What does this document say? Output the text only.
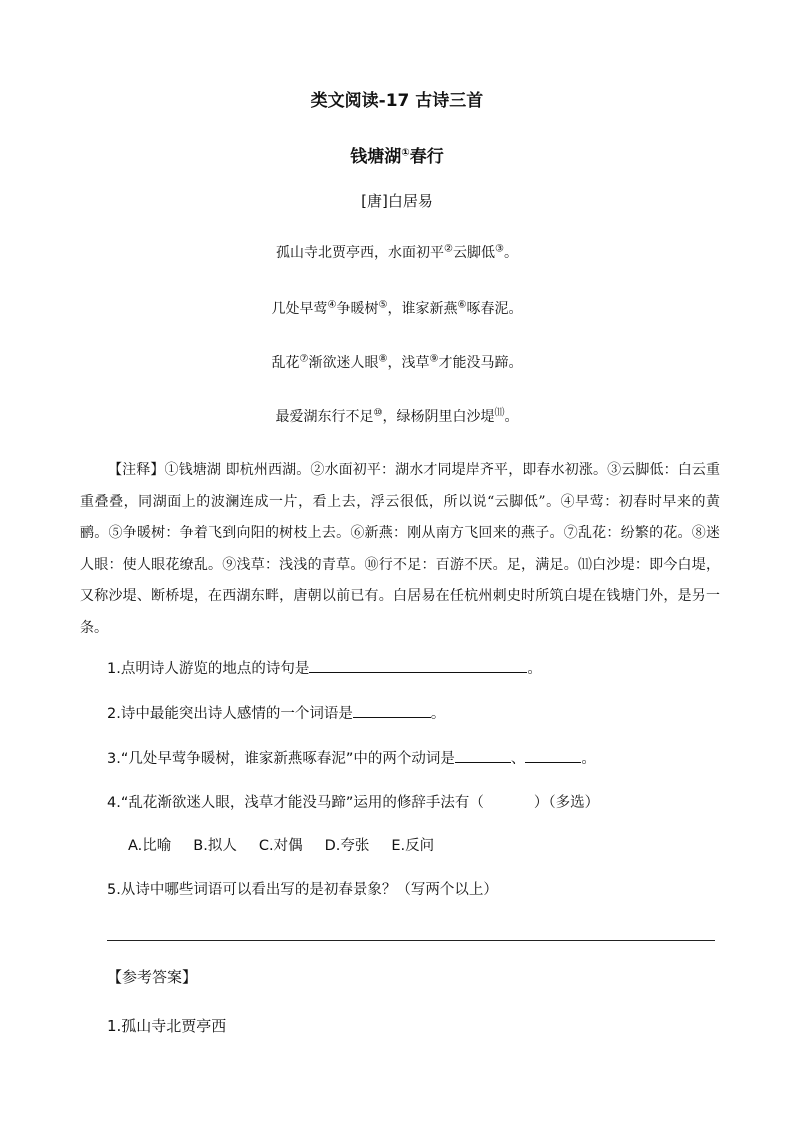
类文阅读-17 古诗三首
钱塘湖①春行
[唐]白居易
孤山寺北贾亭西，水面初平②云脚低③。
几处早莺④争暖树⑤，谁家新燕⑥啄春泥。
乱花⑦渐欲迷人眼⑧，浅草⑨才能没马蹄。
最爱湖东行不足⑩，绿杨阴里白沙堤⑾。
【注释】①钱塘湖 即杭州西湖。②水面初平：湖水才同堤岸齐平，即春水初涨。③云脚低：白云重重叠叠，同湖面上的波澜连成一片，看上去，浮云很低，所以说“云脚低”。④早莺：初春时早来的黄鹂。⑤争暖树：争着飞到向阳的树枝上去。⑥新燕：刚从南方飞回来的燕子。⑦乱花：纷繁的花。⑧迷人眼：使人眼花缭乱。⑨浅草：浅浅的青草。⑩行不足：百游不厌。足，满足。⑾白沙堤：即今白堤，又称沙堤、断桥堤，在西湖东畔，唐朝以前已有。白居易在任杭州刺史时所筑白堤在钱塘门外，是另一条。
1.点明诗人游览的地点的诗句是	。
2.诗中最能突出诗人感情的一个词语是	。
3.“几处早莺争暖树，谁家新燕啄春泥”中的两个动词是	、	。
4.“乱花渐欲迷人眼，浅草才能没马蹄”运用的修辞手法有（	）（多选）
A.比喻 B.拟人 C.对偶 D.夸张 E.反问
5.从诗中哪些词语可以看出写的是初春景象？（写两个以上）
【参考答案】
1.孤山寺北贾亭西
